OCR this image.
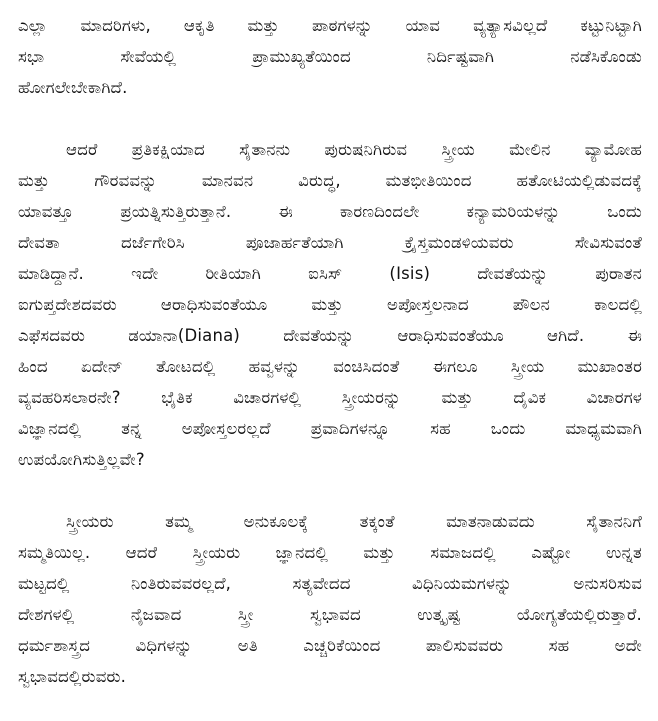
ಎಲ್ಲಾ ಮಾದರಿಗಳು, ಆಕೃತಿ ಮತ್ತು ಪಾಠಗಳನ್ನು ಯಾವ ವ್ಯತ್ಯಾಸವಿಲ್ಲದೆ ಕಟ್ಟುನಿಟ್ಟಾಗಿ
ಸಭಾ ಸೇವೆಯಲ್ಲಿ ಪ್ರಾಮುಖ್ಯತೆಯಿಂದ ನಿರ್ದಿಷ್ಟವಾಗಿ ನಡೆಸಿಕೊಂಡು
ಹೋಗಲೇಬೇಕಾಗಿದೆ.

ಆದರೆ ಪ್ರತಿಕಕ್ಷಿಯಾದ ಸೈತಾನನು ಪುರುಷನಿಗಿರುವ ಸ್ತ್ರೀಯ ಮೇಲಿನ ವ್ಯಾಮೋಹ
ಮತ್ತು ಗೌರವವನ್ನು ಮಾನವನ ವಿರುದ್ಧ, ಮತಭೀತಿಯಿಂದ ಹತೋಟಿಯಲ್ಲಿಡುವದಕ್ಕೆ
ಯಾವತ್ತೂ ಪ್ರಯತ್ನಿಸುತ್ತಿರುತ್ತಾನೆ. ಈ ಕಾರಣದಿಂದಲೇ ಕನ್ಯಾಮರಿಯಳನ್ನು ಒಂದು
ದೇವತಾ ದರ್ಜೆಗೇರಿಸಿ ಪೂಜಾರ್ಹತೆಯಾಗಿ ಕ್ರೈಸ್ತಮಂಡಳಿಯವರು ಸೇವಿಸುವಂತೆ
ಮಾಡಿದ್ದಾನೆ. ಇದೇ ರೀತಿಯಾಗಿ ಐಸಿಸ್ (Isis) ದೇವತೆಯನ್ನು ಪುರಾತನ
ಐಗುಪ್ತದೇಶದವರು ಆರಾಧಿಸುವಂತೆಯೂ ಮತ್ತು ಅಪೋಸ್ತಲನಾದ ಪೌಲನ ಕಾಲದಲ್ಲಿ
ಎಫೆಸದವರು ಡಯಾನಾ(Diana) ದೇವತೆಯನ್ನು ಆರಾಧಿಸುವಂತೆಯೂ ಆಗಿದೆ. ಈ
ಹಿಂದ ಏದೇನ್ ತೋಟದಲ್ಲಿ ಹವ್ವಳನ್ನು ವಂಚಿಸಿದಂತೆ ಈಗಲೂ ಸ್ತ್ರೀಯ ಮುಖಾಂತರ
ವ್ಯವಹರಿಸಲಾರನೇ? ಭೈತಿಕ ವಿಚಾರಗಳಲ್ಲಿ ಸ್ತ್ರೀಯರನ್ನು ಮತ್ತು ದೈವಿಕ ವಿಚಾರಗಳ
ವಿಜ್ಞಾನದಲ್ಲಿ ತನ್ನ ಅಪೋಸ್ತಲರಲ್ಲದೆ ಪ್ರವಾದಿಗಳನ್ನೂ ಸಹ ಒಂದು ಮಾಧ್ಯಮವಾಗಿ
ಉಪಯೋಗಿಸುತ್ತಿಲ್ಲವೇ?

ಸ್ತ್ರೀಯರು ತಮ್ಮ ಅನುಕೂಲಕ್ಕೆ ತಕ್ಕಂತೆ ಮಾತನಾಡುವದು ಸೈತಾನನಿಗೆ
ಸಮ್ಮತಿಯಿಲ್ಲ. ಆದರೆ ಸ್ತ್ರೀಯರು ಜ್ಞಾನದಲ್ಲಿ ಮತ್ತು ಸಮಾಜದಲ್ಲಿ ಎಷ್ಟೋ ಉನ್ನತ
ಮಟ್ಟದಲ್ಲಿ ನಿಂತಿರುವವರಲ್ಲದೆ, ಸತ್ಯವೇದದ ವಿಧಿನಿಯಮಗಳನ್ನು ಅನುಸರಿಸುವ
ದೇಶಗಳಲ್ಲಿ ನೈಜವಾದ ಸ್ತ್ರೀ ಸ್ವಭಾವದ ಉತ್ಕೃಷ್ಟ ಯೋಗ್ಯತೆಯಲ್ಲಿರುತ್ತಾರೆ.
ಧರ್ಮಶಾಸ್ತ್ರದ ವಿಧಿಗಳನ್ನು ಅತಿ ಎಚ್ಚರಿಕೆಯಿಂದ ಪಾಲಿಸುವವರು ಸಹ ಅದೇ
ಸ್ವಭಾವದಲ್ಲಿರುವರು.
